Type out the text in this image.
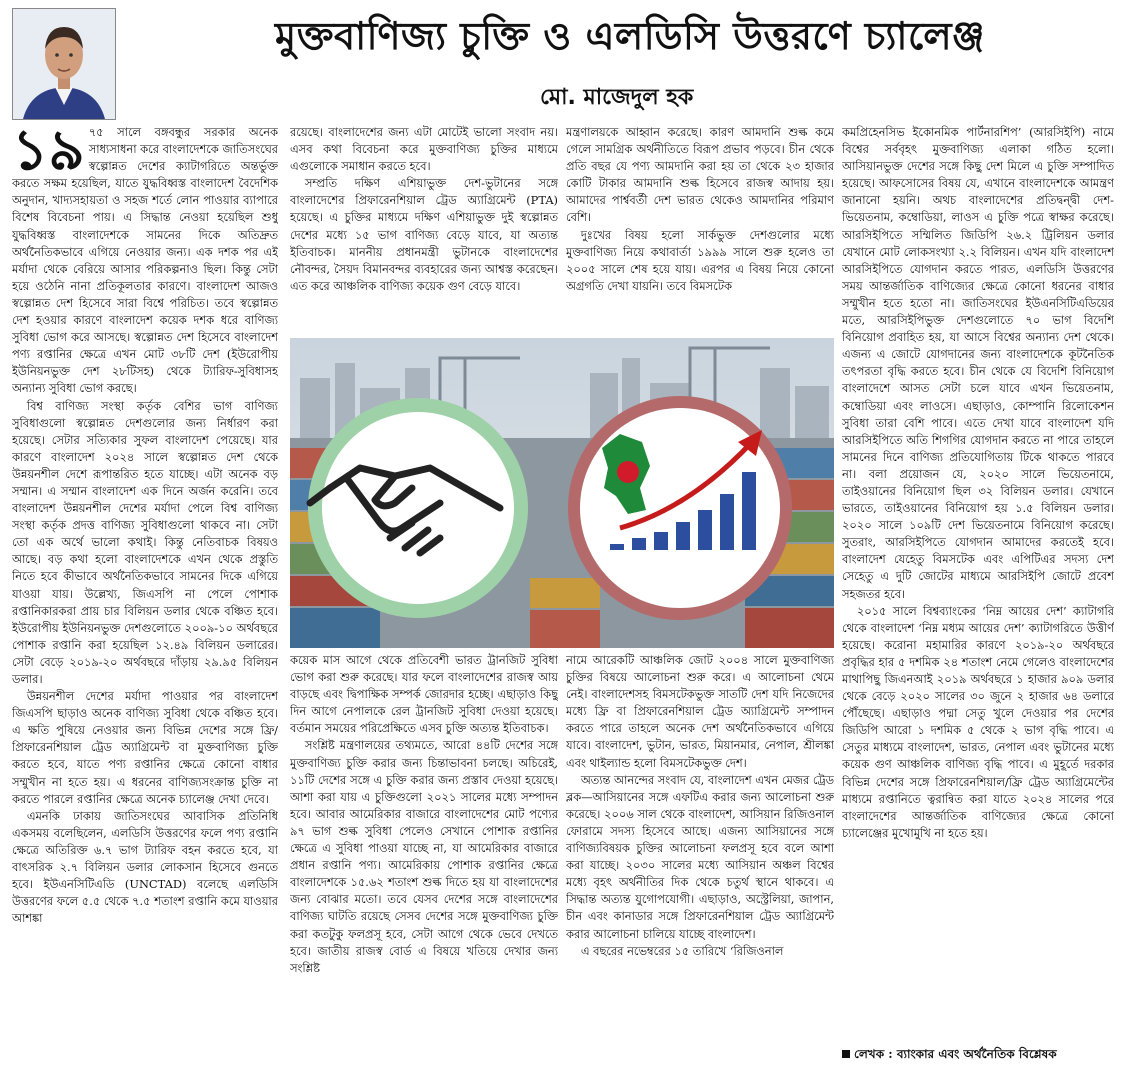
মুক্তবাণিজ্য চুক্তি ও এলডিসি উত্তরণে চ্যালেঞ্জ
মো. মাজেদুল হক
১৯ ৭৫ সালে বঙ্গবন্ধুর সরকার অনেক সাধ্যসাধনা করে বাংলাদেশকে জাতিসংঘের স্বল্পোন্নত দেশের ক্যাটাগরিতে অন্তর্ভুক্ত করতে সক্ষম হয়েছিল, যাতে যুদ্ধবিধ্বস্ত বাংলাদেশ বৈদেশিক অনুদান, খাদ্যসহায়তা ও সহজ শর্তে লোন পাওয়ার ব্যাপারে বিশেষ বিবেচনা পায়। এ সিদ্ধান্ত নেওয়া হয়েছিল শুধু যুদ্ধবিধ্বস্ত বাংলাদেশকে সামনের দিকে অতিদ্রুত অর্থনৈতিকভাবে এগিয়ে নেওয়ার জন্য। এক দশক পর এই মর্যাদা থেকে বেরিয়ে আসার পরিকল্পনাও ছিল। কিন্তু সেটা হয়ে ওঠেনি নানা প্রতিকূলতার কারণে। বাংলাদেশ আজও স্বল্পোন্নত দেশ হিসেবে সারা বিশ্বে পরিচিত। তবে স্বল্পোন্নত দেশ হওয়ার কারণে বাংলাদেশ কয়েক দশক ধরে বাণিজ্য সুবিধা ভোগ করে আসছে। স্বল্পোন্নত দেশ হিসেবে বাংলাদেশ পণ্য রপ্তানির ক্ষেত্রে এখন মোট ৩৮টি দেশ (ইউরোপীয় ইউনিয়নভুক্ত দেশ ২৮টিসহ) থেকে ট্যারিফ-সুবিধাসহ অন্যান্য সুবিধা ভোগ করছে।

বিশ্ব বাণিজ্য সংস্থা কর্তৃক বেশির ভাগ বাণিজ্য সুবিধাগুলো স্বল্পোন্নত দেশগুলোর জন্য নির্ধারণ করা হয়েছে। সেটার সত্যিকার সুফল বাংলাদেশ পেয়েছে। যার কারণে বাংলাদেশ ২০২৪ সালে স্বল্পোন্নত দেশ থেকে উন্নয়নশীল দেশে রূপান্তরিত হতে যাচ্ছে। এটা অনেক বড় সম্মান। এ সম্মান বাংলাদেশ এক দিনে অর্জন করেনি। তবে বাংলাদেশ উন্নয়নশীল দেশের মর্যাদা পেলে বিশ্ব বাণিজ্য সংস্থা কর্তৃক প্রদত্ত বাণিজ্য সুবিধাগুলো থাকবে না। সেটা তো এক অর্থে ভালো কথাই। কিন্তু নেতিবাচক বিষয়ও আছে। বড় কথা হলো বাংলাদেশকে এখন থেকে প্রস্তুতি নিতে হবে কীভাবে অর্থনৈতিকভাবে সামনের দিকে এগিয়ে যাওয়া যায়। উল্লেখ্য, জিএসপি না পেলে পোশাক রপ্তানিকারকরা প্রায় চার বিলিয়ন ডলার থেকে বঞ্চিত হবে। ইউরোপীয় ইউনিয়নভুক্ত দেশগুলোতে ২০০৯-১০ অর্থবছরে পোশাক রপ্তানি করা হয়েছিল ১২.৪৯ বিলিয়ন ডলারের। সেটা বেড়ে ২০১৯-২০ অর্থবছরে দাঁড়ায় ২৯.৯৫ বিলিয়ন ডলার।

উন্নয়নশীল দেশের মর্যাদা পাওয়ার পর বাংলাদেশ জিএসপি ছাড়াও অনেক বাণিজ্য সুবিধা থেকে বঞ্চিত হবে। এ ক্ষতি পুষিয়ে নেওয়ার জন্য বিভিন্ন দেশের সঙ্গে ফ্রি/প্রিফারেনশিয়াল ট্রেড অ্যাগ্রিমেন্ট বা মুক্তবাণিজ্য চুক্তি করতে হবে, যাতে পণ্য রপ্তানির ক্ষেত্রে কোনো বাধার সম্মুখীন না হতে হয়। এ ধরনের বাণিজ্যসংক্রান্ত চুক্তি না করতে পারলে রপ্তানির ক্ষেত্রে অনেক চ্যালেঞ্জ দেখা দেবে।

এমনকি ঢাকায় জাতিসংঘের আবাসিক প্রতিনিধি একসময় বলেছিলেন, এলডিসি উত্তরণের ফলে পণ্য রপ্তানি ক্ষেত্রে অতিরিক্ত ৬.৭ ভাগ ট্যারিফ বহন করতে হবে, যা বাৎসরিক ২.৭ বিলিয়ন ডলার লোকসান হিসেবে গুনতে হবে। ইউএনসিটিএডি (UNCTAD) বলেছে এলডিসি উত্তরণের ফলে ৫.৫ থেকে ৭.৫ শতাংশ রপ্তানি কমে যাওয়ার আশঙ্কা

রয়েছে। বাংলাদেশের জন্য এটা মোটেই ভালো সংবাদ নয়। এসব কথা বিবেচনা করে মুক্তবাণিজ্য চুক্তির মাধ্যমে এগুলোকে সমাধান করতে হবে।

সম্প্রতি দক্ষিণ এশিয়াভুক্ত দেশ-ভুটানের সঙ্গে বাংলাদেশের প্রিফারেনশিয়াল ট্রেড অ্যাগ্রিমেন্ট (PTA) হয়েছে। এ চুক্তির মাধ্যমে দক্ষিণ এশিয়াভুক্ত দুই স্বল্পোন্নত দেশের মধ্যে ১৫ ভাগ বাণিজ্য বেড়ে যাবে, যা অত্যন্ত ইতিবাচক। মাননীয় প্রধানমন্ত্রী ভুটানকে বাংলাদেশের নৌবন্দর, সৈয়দ বিমানবন্দর ব্যবহারের জন্য আশ্বস্ত করেছেন। এত করে আঞ্চলিক বাণিজ্য কয়েক গুণ বেড়ে যাবে।

মন্ত্রণালয়কে আহ্বান করেছে। কারণ আমদানি শুল্ক কমে গেলে সামগ্রিক অর্থনীতিতে বিরূপ প্রভাব পড়বে। চীন থেকে প্রতি বছর যে পণ্য আমদানি করা হয় তা থেকে ২৩ হাজার কোটি টাকার আমদানি শুল্ক হিসেবে রাজস্ব আদায় হয়। আমাদের পার্শ্ববর্তী দেশ ভারত থেকেও আমদানির পরিমাণ বেশি।

দুঃখের বিষয় হলো সার্কভুক্ত দেশগুলোর মধ্যে মুক্তবাণিজ্য নিয়ে কথাবার্তা ১৯৯৯ সালে শুরু হলেও তা ২০০৫ সালে শেষ হয়ে যায়। এরপর এ বিষয় নিয়ে কোনো অগ্রগতি দেখা যায়নি। তবে বিমসটেক

কয়েক মাস আগে থেকে প্রতিবেশী ভারত ট্রানজিট সুবিধা ভোগ করা শুরু করেছে। যার ফলে বাংলাদেশের রাজস্ব আয় বাড়ছে এবং দ্বিপাক্ষিক সম্পর্ক জোরদার হচ্ছে। এছাড়াও কিছু দিন আগে নেপালকে রেল ট্রানজিট সুবিধা দেওয়া হয়েছে। বর্তমান সময়ের পরিপ্রেক্ষিতে এসব চুক্তি অত্যন্ত ইতিবাচক।

সংশ্লিষ্ট মন্ত্রণালয়ের তথ্যমতে, আরো ৪৪টি দেশের সঙ্গে মুক্তবাণিজ্য চুক্তি করার জন্য চিন্তাভাবনা চলছে। অচিরেই, ১১টি দেশের সঙ্গে এ চুক্তি করার জন্য প্রস্তাব দেওয়া হয়েছে। আশা করা যায় এ চুক্তিগুলো ২০২১ সালের মধ্যে সম্পাদন হবে। আবার আমেরিকার বাজারে বাংলাদেশের মোট পণ্যের ৯৭ ভাগ শুল্ক সুবিধা পেলেও সেখানে পোশাক রপ্তানির ক্ষেত্রে এ সুবিধা পাওয়া যাচ্ছে না, যা আমেরিকার বাজারে প্রধান রপ্তানি পণ্য। আমেরিকায় পোশাক রপ্তানির ক্ষেত্রে বাংলাদেশকে ১৫.৬২ শতাংশ শুল্ক দিতে হয় যা বাংলাদেশের জন্য বোঝার মতো। তবে যেসব দেশের সঙ্গে বাংলাদেশের বাণিজ্য ঘাটতি রয়েছে সেসব দেশের সঙ্গে মুক্তবাণিজ্য চুক্তি করা কতটুকু ফলপ্রসূ হবে, সেটা আগে থেকে ভেবে দেখতে হবে। জাতীয় রাজস্ব বোর্ড এ বিষয়ে খতিয়ে দেখার জন্য সংশ্লিষ্ট

নামে আরেকটি আঞ্চলিক জোট ২০০৪ সালে মুক্তবাণিজ্য চুক্তির বিষয়ে আলোচনা শুরু করে। এ আলোচনা থেমে নেই। বাংলাদেশসহ বিমসটেকভুক্ত সাতটি দেশ যদি নিজেদের মধ্যে ফ্রি বা প্রিফারেনশিয়াল ট্রেড অ্যাগ্রিমেন্ট সম্পাদন করতে পারে তাহলে অনেক দেশ অর্থনৈতিকভাবে এগিয়ে যাবে। বাংলাদেশ, ভুটান, ভারত, মিয়ানমার, নেপাল, শ্রীলঙ্কা এবং থাইল্যান্ড হলো বিমসটেকভুক্ত দেশ।

অত্যন্ত আনন্দের সংবাদ যে, বাংলাদেশ এখন মেজর ট্রেড ব্লক—আসিয়ানের সঙ্গে এফটিএ করার জন্য আলোচনা শুরু করেছে। ২০০৬ সাল থেকে বাংলাদেশ, আসিয়ান রিজিওনাল ফোরামে সদস্য হিসেবে আছে। এজন্য আসিয়ানের সঙ্গে বাণিজ্যবিষয়ক চুক্তির আলোচনা ফলপ্রসূ হবে বলে আশা করা যাচ্ছে। ২০৩০ সালের মধ্যে আসিয়ান অঞ্চল বিশ্বের মধ্যে বৃহৎ অর্থনীতির দিক থেকে চতুর্থ স্থানে থাকবে। এ সিদ্ধান্ত অত্যন্ত যুগোপযোগী। এছাড়াও, অস্ট্রেলিয়া, জাপান, চীন এবং কানাডার সঙ্গে প্রিফারেনশিয়াল ট্রেড অ্যাগ্রিমেন্ট করার আলোচনা চালিয়ে যাচ্ছে বাংলাদেশ।

এ বছরের নভেম্বরের ১৫ তারিখে ‘রিজিওনাল

কমপ্রিহেনসিভ ইকোনমিক পার্টনারশিপ’ (আরসিইপি) নামে বিশ্বের সর্ববৃহৎ মুক্তবাণিজ্য এলাকা গঠিত হলো। আসিয়ানভুক্ত দেশের সঙ্গে কিছু দেশ মিলে এ চুক্তি সম্পাদিত হয়েছে। আফসোসের বিষয় যে, এখানে বাংলাদেশকে আমন্ত্রণ জানানো হয়নি। অথচ বাংলাদেশের প্রতিদ্বন্দ্বী দেশ-ভিয়েতনাম, কম্বোডিয়া, লাওস এ চুক্তি পত্রে স্বাক্ষর করেছে। আরসিইপিতে সম্মিলিত জিডিপি ২৬.২ ট্রিলিয়ন ডলার যেখানে মোট লোকসংখ্যা ২.২ বিলিয়ন। এখন যদি বাংলাদেশ আরসিইপিতে যোগদান করতে পারত, এলডিসি উত্তরণের সময় আন্তর্জাতিক বাণিজ্যের ক্ষেত্রে কোনো ধরনের বাধার সম্মুখীন হতে হতো না। জাতিসংঘের ইউএনসিটিএডিয়ের মতে, আরসিইপিভুক্ত দেশগুলোতে ৭০ ভাগ বিদেশি বিনিয়োগ প্রবাহিত হয়, যা আসে বিশ্বের অন্যান্য দেশ থেকে। এজন্য এ জোটে যোগদানের জন্য বাংলাদেশকে কূটনৈতিক তৎপরতা বৃদ্ধি করতে হবে। চীন থেকে যে বিদেশি বিনিয়োগ বাংলাদেশে আসত সেটা চলে যাবে এখন ভিয়েতনাম, কম্বোডিয়া এবং লাওসে। এছাড়াও, কোম্পানি রিলোকেশন সুবিধা তারা বেশি পাবে। এতে দেখা যাবে বাংলাদেশ যদি আরসিইপিতে অতি শিগগির যোগদান করতে না পারে তাহলে সামনের দিনে বাণিজ্য প্রতিযোগিতায় টিকে থাকতে পারবে না। বলা প্রয়োজন যে, ২০২০ সালে ভিয়েতনামে, তাইওয়ানের বিনিয়োগ ছিল ৩২ বিলিয়ন ডলার। যেখানে ভারতে, তাইওয়ানের বিনিয়োগ হয় ১.৫ বিলিয়ন ডলার। ২০২০ সালে ১০৯টি দেশ ভিয়েতনামে বিনিয়োগ করেছে। সুতরাং, আরসিইপিতে যোগদান আমাদের করতেই হবে। বাংলাদেশ যেহেতু বিমসটেক এবং এপিটিএর সদস্য দেশ সেহেতু এ দুটি জোটের মাধ্যমে আরসিইপি জোটে প্রবেশ সহজতর হবে।

২০১৫ সালে বিশ্বব্যাংকের ‘নিম্ন আয়ের দেশ’ ক্যাটাগরি থেকে বাংলাদেশ ‘নিম্ন মধ্যম আয়ের দেশ’ ক্যাটাগরিতে উত্তীর্ণ হয়েছে। করোনা মহামারির কারণে ২০১৯-২০ অর্থবছরে প্রবৃদ্ধির হার ৫ দশমিক ২৪ শতাংশ নেমে গেলেও বাংলাদেশের মাথাপিছু জিএনআই ২০১৯ অর্থবছরে ১ হাজার ৯০৯ ডলার থেকে বেড়ে ২০২০ সালের ৩০ জুনে ২ হাজার ৬৪ ডলারে পৌঁছেছে। এছাড়াও পদ্মা সেতু খুলে দেওয়ার পর দেশের জিডিপি আরো ১ দশমিক ৫ থেকে ২ ভাগ বৃদ্ধি পাবে। এ সেতুর মাধ্যমে বাংলাদেশ, ভারত, নেপাল এবং ভুটানের মধ্যে কয়েক গুণ আঞ্চলিক বাণিজ্য বৃদ্ধি পাবে। এ মুহূর্তে দরকার বিভিন্ন দেশের সঙ্গে প্রিফারেনশিয়াল/ফ্রি ট্রেড অ্যাগ্রিমেন্টের মাধ্যমে রপ্তানিতে ত্বরান্বিত করা যাতে ২০২৪ সালের পরে বাংলাদেশের আন্তর্জাতিক বাণিজ্যের ক্ষেত্রে কোনো চ্যালেঞ্জের মুখোমুখি না হতে হয়।

লেখক : ব্যাংকার এবং অর্থনৈতিক বিশ্লেষক
